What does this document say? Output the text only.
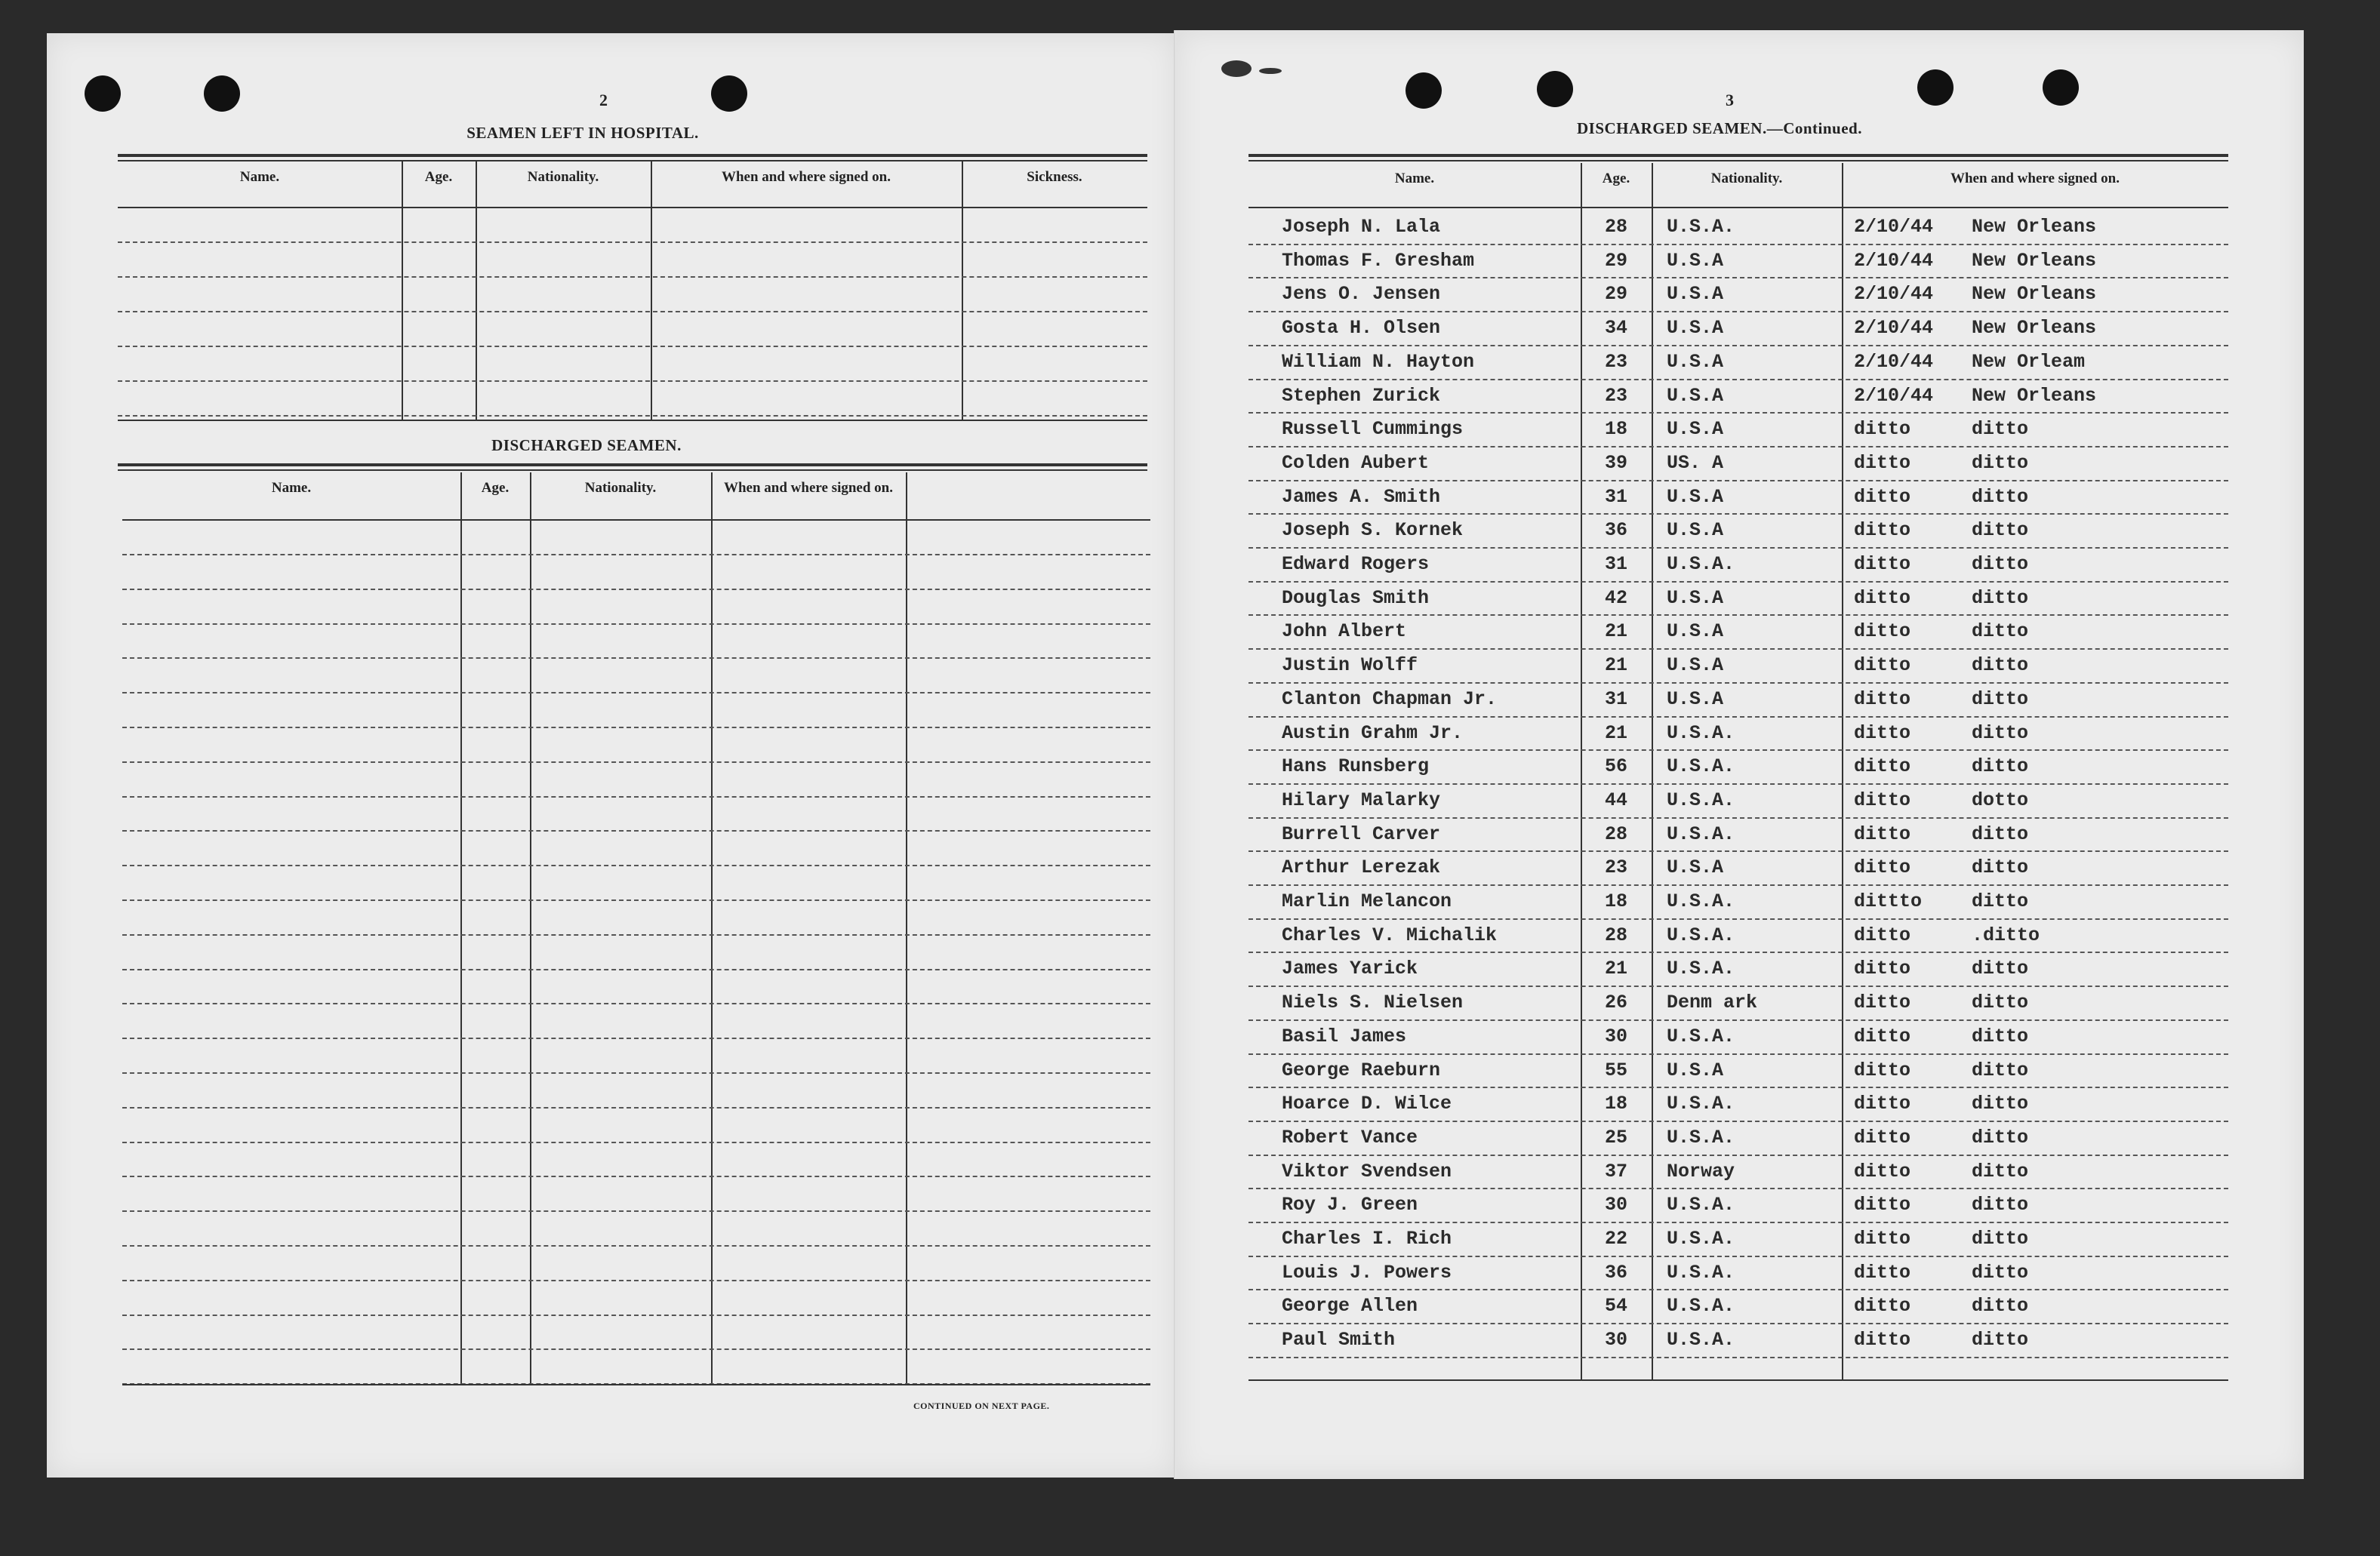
2
SEAMEN LEFT IN HOSPITAL.
Name.	Age.	Nationality.	When and where signed on.	Sickness.
DISCHARGED SEAMEN.
Name.	Age.	Nationality.	When and where signed on.
CONTINUED ON NEXT PAGE.
3
DISCHARGED SEAMEN.—Continued.
Name.	Age.	Nationality.	When and where signed on.
Joseph N. Lala	28	U.S.A.	2/10/44 New Orleans
Thomas F. Gresham	29	U.S.A	2/10/44 New Orleans
Jens O. Jensen	29	U.S.A	2/10/44 New Orleans
Gosta H. Olsen	34	U.S.A	2/10/44 New Orleans
William N. Hayton	23	U.S.A	2/10/44 New Orleam
Stephen Zurick	23	U.S.A	2/10/44 New Orleans
Russell Cummings	18	U.S.A	ditto	ditto
Colden Aubert	39	US. A	ditto	ditto
James A. Smith	31	U.S.A	ditto	ditto
Joseph S. Kornek	36	U.S.A	ditto	ditto
Edward Rogers	31	U.S.A.	ditto	ditto
Douglas Smith	42	U.S.A	ditto	ditto
John Albert	21	U.S.A	ditto	ditto
Justin Wolff	21	U.S.A	ditto	ditto
Clanton Chapman Jr.	31	U.S.A	ditto	ditto
Austin Grahm Jr.	21	U.S.A.	ditto	ditto
Hans Runsberg	56	U.S.A.	ditto	ditto
Hilary Malarky	44	U.S.A.	ditto	dotto
Burrell Carver	28	U.S.A.	ditto	ditto
Arthur Lerezak	23	U.S.A	ditto	ditto
Marlin Melancon	18	U.S.A.	dittto	ditto
Charles V. Michalik	28	U.S.A.	ditto	.ditto
James Yarick	21	U.S.A.	ditto	ditto
Niels S. Nielsen	26	Denm ark	ditto	ditto
Basil James	30	U.S.A.	ditto	ditto
George Raeburn	55	U.S.A	ditto	ditto
Hoarce D. Wilce	18	U.S.A.	ditto	ditto
Robert Vance	25	U.S.A.	ditto	ditto
Viktor Svendsen	37	Norway	ditto	ditto
Roy J. Green	30	U.S.A.	ditto	ditto
Charles I. Rich	22	U.S.A.	ditto	ditto
Louis J. Powers	36	U.S.A.	ditto	ditto
George Allen	54	U.S.A.	ditto	ditto
Paul Smith	30	U.S.A.	ditto	ditto
